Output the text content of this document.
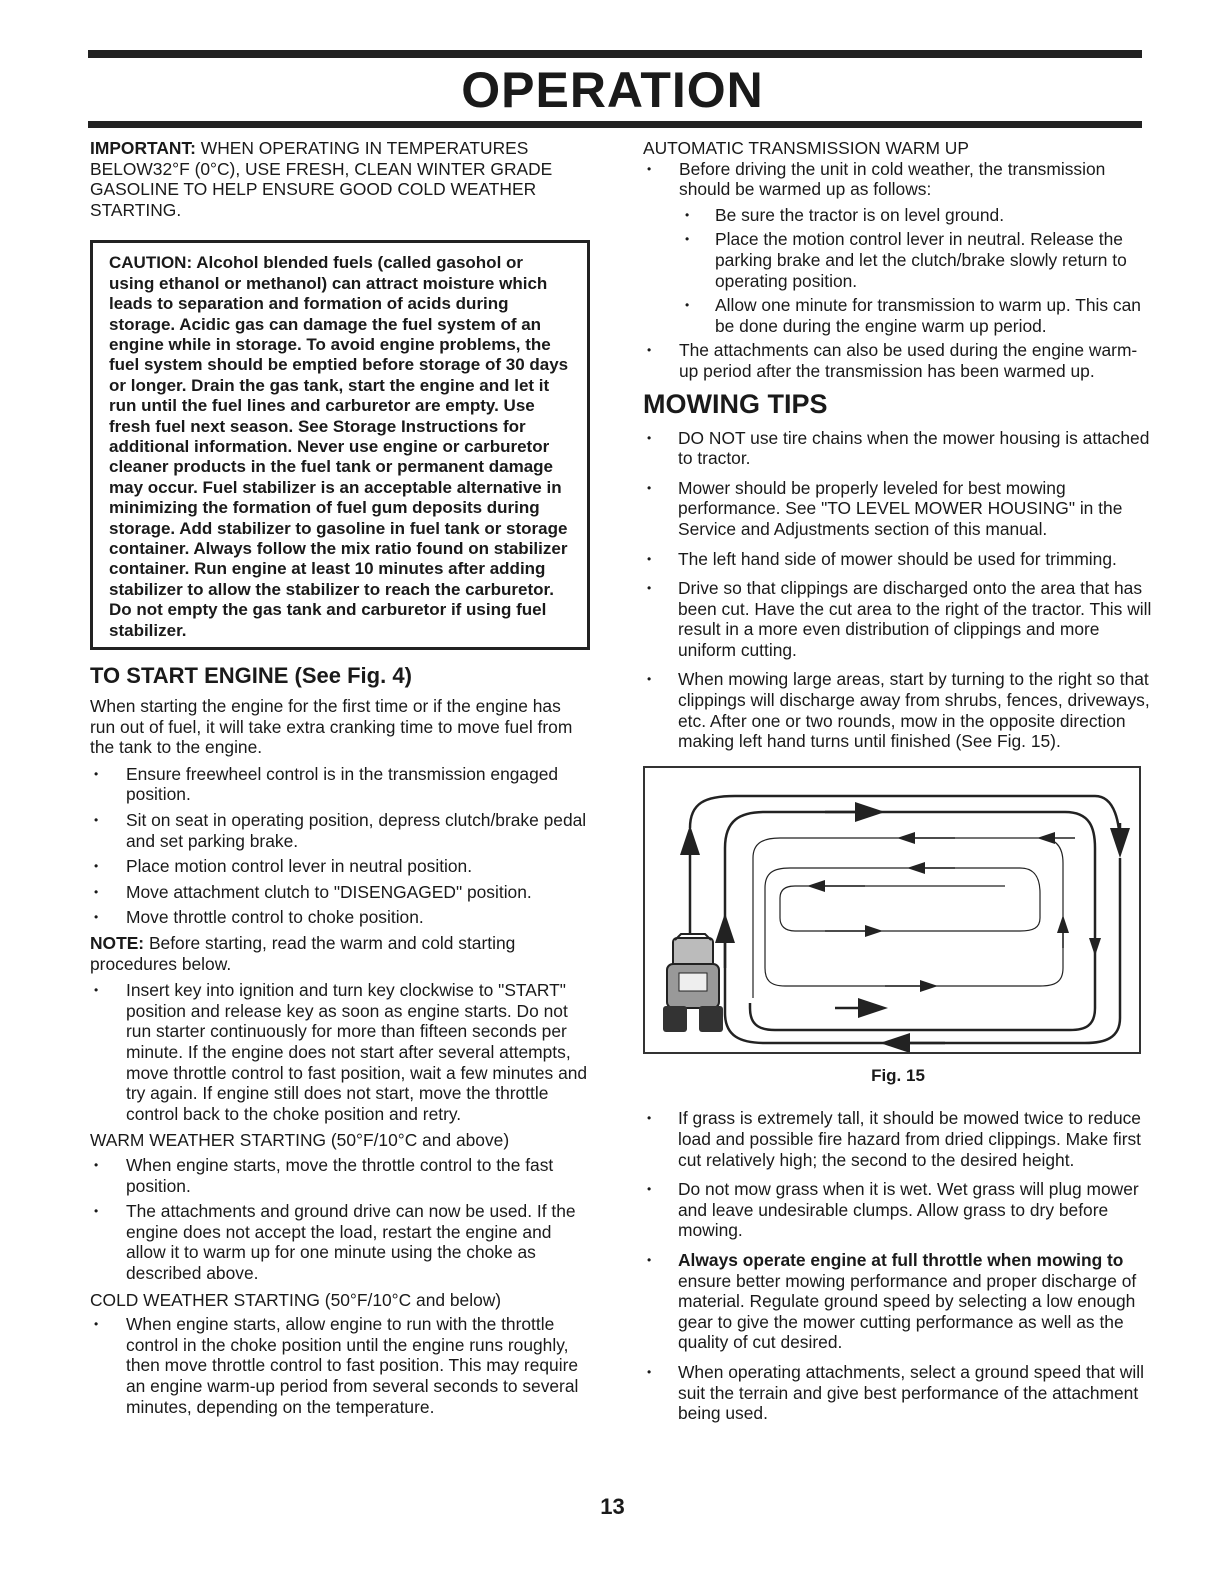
OPERATION

IMPORTANT: WHEN OPERATING IN TEMPERATURES BELOW32°F (0°C), USE FRESH, CLEAN WINTER GRADE GASOLINE TO HELP ENSURE GOOD COLD WEATHER STARTING.

CAUTION: Alcohol blended fuels (called gasohol or using ethanol or methanol) can attract moisture which leads to separation and formation of acids during storage. Acidic gas can damage the fuel system of an engine while in storage. To avoid engine problems, the fuel system should be emptied before storage of 30 days or longer. Drain the gas tank, start the engine and let it run until the fuel lines and carburetor are empty. Use fresh fuel next season. See Storage Instructions for additional information. Never use engine or carburetor cleaner products in the fuel tank or permanent damage may occur. Fuel stabilizer is an acceptable alternative in minimizing the formation of fuel gum deposits during storage. Add stabilizer to gasoline in fuel tank or storage container. Always follow the mix ratio found on stabilizer container. Run engine at least 10 minutes after adding stabilizer to allow the stabilizer to reach the carburetor. Do not empty the gas tank and carburetor if using fuel stabilizer.
TO START ENGINE (See Fig. 4)

When starting the engine for the first time or if the engine has run out of fuel, it will take extra cranking time to move fuel from the tank to the engine.

• Ensure freewheel control is in the transmission engaged position.
• Sit on seat in operating position, depress clutch/brake pedal and set parking brake.
• Place motion control lever in neutral position.
• Move attachment clutch to "DISENGAGED" position.
• Move throttle control to choke position.

NOTE: Before starting, read the warm and cold starting procedures below.

• Insert key into ignition and turn key clockwise to "START" position and release key as soon as engine starts. Do not run starter continuously for more than fifteen seconds per minute. If the engine does not start after several attempts, move throttle control to fast position, wait a few minutes and try again. If engine still does not start, move the throttle control back to the choke position and retry.

WARM WEATHER STARTING (50°F/10°C and above)

• When engine starts, move the throttle control to the fast position.
• The attachments and ground drive can now be used. If the engine does not accept the load, restart the engine and allow it to warm up for one minute using the choke as described above.

COLD WEATHER STARTING (50°F/10°C and below)

• When engine starts, allow engine to run with the throttle control in the choke position until the engine runs roughly, then move throttle control to fast position. This may require an engine warm-up period from several seconds to several minutes, depending on the temperature.

AUTOMATIC TRANSMISSION WARM UP

• Before driving the unit in cold weather, the transmission should be warmed up as follows:
• Be sure the tractor is on level ground.
• Place the motion control lever in neutral. Release the parking brake and let the clutch/brake slowly return to operating position.
• Allow one minute for transmission to warm up. This can be done during the engine warm up period.
• The attachments can also be used during the engine warm-up period after the transmission has been warmed up.
MOWING TIPS
• DO NOT use tire chains when the mower housing is attached to tractor.
• Mower should be properly leveled for best mowing performance. See "TO LEVEL MOWER HOUSING" in the Service and Adjustments section of this manual.
• The left hand side of mower should be used for trimming.
• Drive so that clippings are discharged onto the area that has been cut. Have the cut area to the right of the tractor. This will result in a more even distribution of clippings and more uniform cutting.
• When mowing large areas, start by turning to the right so that clippings will discharge away from shrubs, fences, driveways, etc. After one or two rounds, mow in the opposite direction making left hand turns until finished (See Fig. 15).
Fig. 15
• If grass is extremely tall, it should be mowed twice to reduce load and possible fire hazard from dried clippings. Make first cut relatively high; the second to the desired height.
• Do not mow grass when it is wet. Wet grass will plug mower and leave undesirable clumps. Allow grass to dry before mowing.
• Always operate engine at full throttle when mowing to ensure better mowing performance and proper discharge of material. Regulate ground speed by selecting a low enough gear to give the mower cutting performance as well as the quality of cut desired.
• When operating attachments, select a ground speed that will suit the terrain and give best performance of the attachment being used.
13
